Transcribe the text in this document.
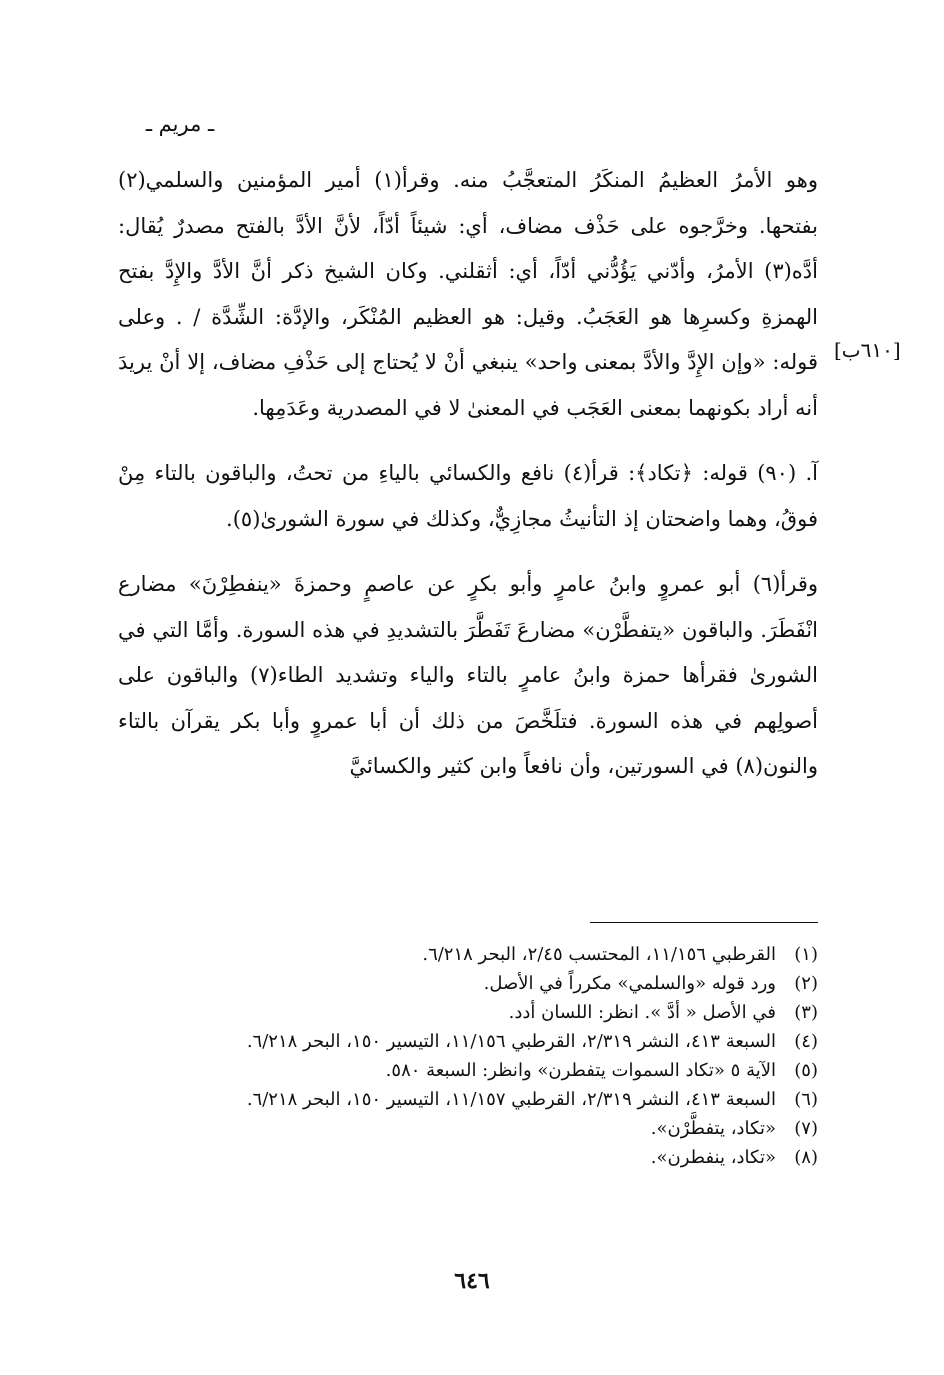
ـ مريم ـ
[٦١٠ب]

وهو الأمرُ العظيمُ المنكَرُ المتعجَّبُ منه. وقرأ(١) أمير المؤمنين والسلمي(٢) بفتحها. وخرَّجوه على حَذْف مضاف، أي: شيئاً أدّاً، لأنَّ الأدَّ بالفتح مصدرٌ يُقال: أدَّه(٣) الأمرُ، وأدّني يَؤُدُّني أدّاً، أي: أثقلني. وكان الشيخ ذكر أنَّ الأدَّ والإِدَّ بفتح الهمزةِ وكسرِها هو العَجَبُ. وقيل: هو العظيم المُنْكَر، والإدَّة: الشِّدَّة / . وعلى قوله: «وإن الإِدَّ والأدَّ بمعنى واحد» ينبغي أنْ لا يُحتاج إلى حَذْفِ مضاف، إلا أنْ يريدَ أنه أراد بكونهما بمعنى العَجَب في المعنىٰ لا في المصدرية وعَدَمِها.

آ. (٩٠) قوله: ﴿تكاد﴾: قرأ(٤) نافع والكسائي بالياءِ من تحتُ، والباقون بالتاء مِنْ فوقُ، وهما واضحتان إذ التأنيثُ مجازِيٌّ، وكذلك في سورة الشورىٰ(٥).

وقرأ(٦) أبو عمروٍ وابنُ عامرٍ وأبو بكرٍ عن عاصمٍ وحمزةَ «ينفطِرْنَ» مضارع انْفَطَرَ. والباقون «يتفطَّرْن» مضارعَ تَفَطَّرَ بالتشديدِ في هذه السورة. وأمَّا التي في الشورىٰ فقرأها حمزة وابنُ عامرٍ بالتاء والياء وتشديد الطاء(٧) والباقون على أصولِهم في هذه السورة. فتلَخَّصَ من ذلك أن أبا عمروٍ وأبا بكر يقرآن بالتاء والنون(٨) في السورتين، وأن نافعاً وابن كثير والكسائيَّ

(١)
القرطبي ١١/١٥٦، المحتسب ٢/٤٥، البحر ٦/٢١٨.
(٢)
ورد قوله «والسلمي» مكرراً في الأصل.
(٣)
في الأصل « أدَّ ». انظر: اللسان أدد.
(٤)
السبعة ٤١٣، النشر ٢/٣١٩، القرطبي ١١/١٥٦، التيسير ١٥٠، البحر ٦/٢١٨.
(٥)
الآية ٥ «تكاد السموات يتفطرن» وانظر: السبعة ٥٨٠.
(٦)
السبعة ٤١٣، النشر ٢/٣١٩، القرطبي ١١/١٥٧، التيسير ١٥٠، البحر ٦/٢١٨.
(٧)
«تكاد، يتفطَّرْن».
(٨)
«تكاد، ينفطرن».
٦٤٦
